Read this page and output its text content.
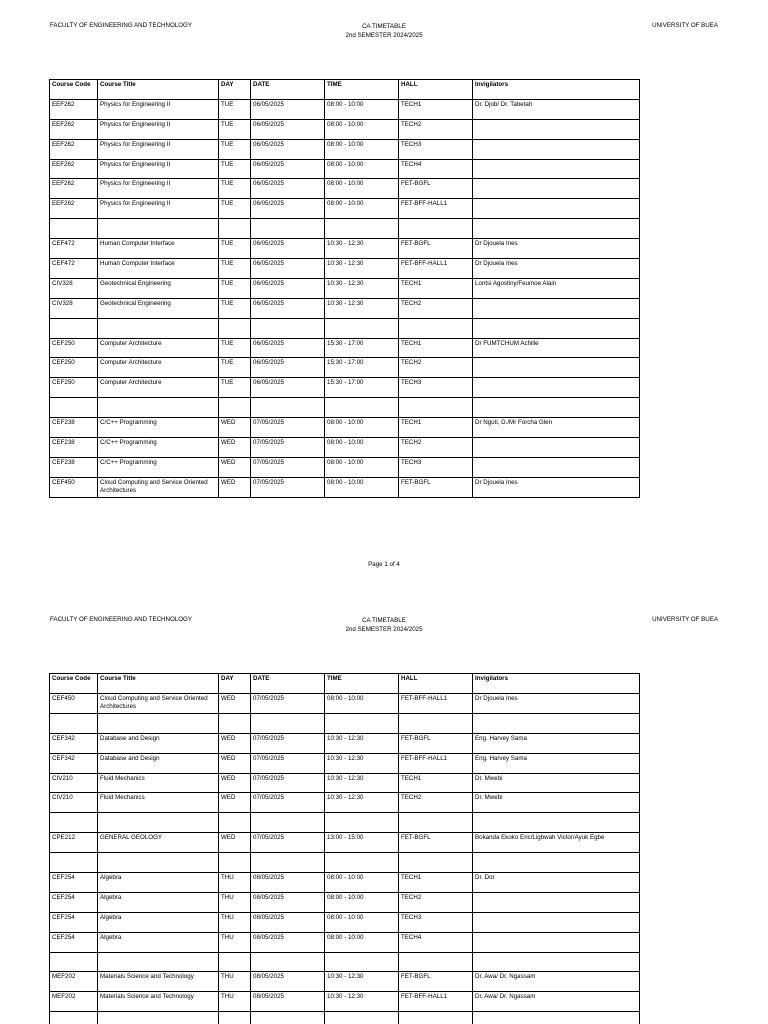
FACULTY OF ENGINEERING AND TECHNOLOGY	CA TIMETABLE
2nd SEMESTER 2024/2025
UNIVERSITY OF BUEA
Course Code	Course Title	DAY	DATE	TIME	HALL	Invigilators
EEF262	Physics for Engineering II	TUE	06/05/2025	08:00 - 10:00	TECH1	Dr. Djob/ Dr. Tabetah
EEF262	Physics for Engineering II	TUE	06/05/2025	08:00 - 10:00	TECH2	
EEF262	Physics for Engineering II	TUE	06/05/2025	08:00 - 10:00	TECH3	
EEF262	Physics for Engineering II	TUE	06/05/2025	08:00 - 10:00	TECH4	
EEF262	Physics for Engineering II	TUE	06/05/2025	08:00 - 10:00	FET-BGFL	
EEF262	Physics for Engineering II	TUE	06/05/2025	08:00 - 10:00	FET-BFF-HALL1	

CEF472	Human Computer Interface	TUE	06/05/2025	10:30 - 12:30	FET-BGFL	Dr Djouela Ines
CEF472	Human Computer Interface	TUE	06/05/2025	10:30 - 12:30	FET-BFF-HALL1	Dr Djouela Ines
CIV328	Geotechnical Engineering	TUE	06/05/2025	10:30 - 12:30	TECH1	Lontsi Agostiny/Feumoe Alain
CIV328	Geotechnical Engineering	TUE	06/05/2025	10:30 - 12:30	TECH2	

CEF250	Computer Architecture	TUE	06/05/2025	15:30 - 17:00	TECH1	Dr FUMTCHUM Achille
CEF250	Computer Architecture	TUE	06/05/2025	15:30 - 17:00	TECH2	
CEF250	Computer Architecture	TUE	06/05/2025	15:30 - 17:00	TECH3	

CEF238	C/C++ Programming	WED	07/05/2025	08:00 - 10:00	TECH1	Dr Nguti, D./Mr Forcha Glen
CEF238	C/C++ Programming	WED	07/05/2025	08:00 - 10:00	TECH2	
CEF238	C/C++ Programming	WED	07/05/2025	08:00 - 10:00	TECH3	
CEF450	Cloud Computing and Service Oriented Architectures	WED	07/05/2025	08:00 - 10:00	FET-BGFL	Dr Djouela Ines
Page 1 of 4
FACULTY OF ENGINEERING AND TECHNOLOGY	CA TIMETABLE
2nd SEMESTER 2024/2025
UNIVERSITY OF BUEA
Course Code	Course Title	DAY	DATE	TIME	HALL	Invigilators
CEF450	Cloud Computing and Service Oriented Architectures	WED	07/05/2025	08:00 - 10:00	FET-BFF-HALL1	Dr Djouela Ines

CEF342	Database and Design	WED	07/05/2025	10:30 - 12:30	FET-BGFL	Eng. Harvey Sama
CEF342	Database and Design	WED	07/05/2025	10:30 - 12:30	FET-BFF-HALL1	Eng. Harvey Sama
CIV210	Fluid Mechanics	WED	07/05/2025	10:30 - 12:30	TECH1	Dr. Mwebi
CIV210	Fluid Mechanics	WED	07/05/2025	10:30 - 12:30	TECH2	Dr. Mwebi

CPE212	GENERAL GEOLOGY	WED	07/05/2025	13:00 - 15:00	FET-BGFL	Bokanda Ekoko Eric/Ligbwah Victor/Ayuk Egbe

CEF254	Algebra	THU	08/05/2025	08:00 - 10:00	TECH1	Dr. Dor
CEF254	Algebra	THU	08/05/2025	08:00 - 10:00	TECH2	
CEF254	Algebra	THU	08/05/2025	08:00 - 10:00	TECH3	
CEF254	Algebra	THU	08/05/2025	08:00 - 10:00	TECH4	

MEF202	Materials Science and Technology	THU	08/05/2025	10:30 - 12:30	FET-BGFL	Dr. Awa/ Dr. Ngassam
MEF202	Materials Science and Technology	THU	08/05/2025	10:30 - 12:30	FET-BFF-HALL1	Dr. Awa/ Dr. Ngassam
